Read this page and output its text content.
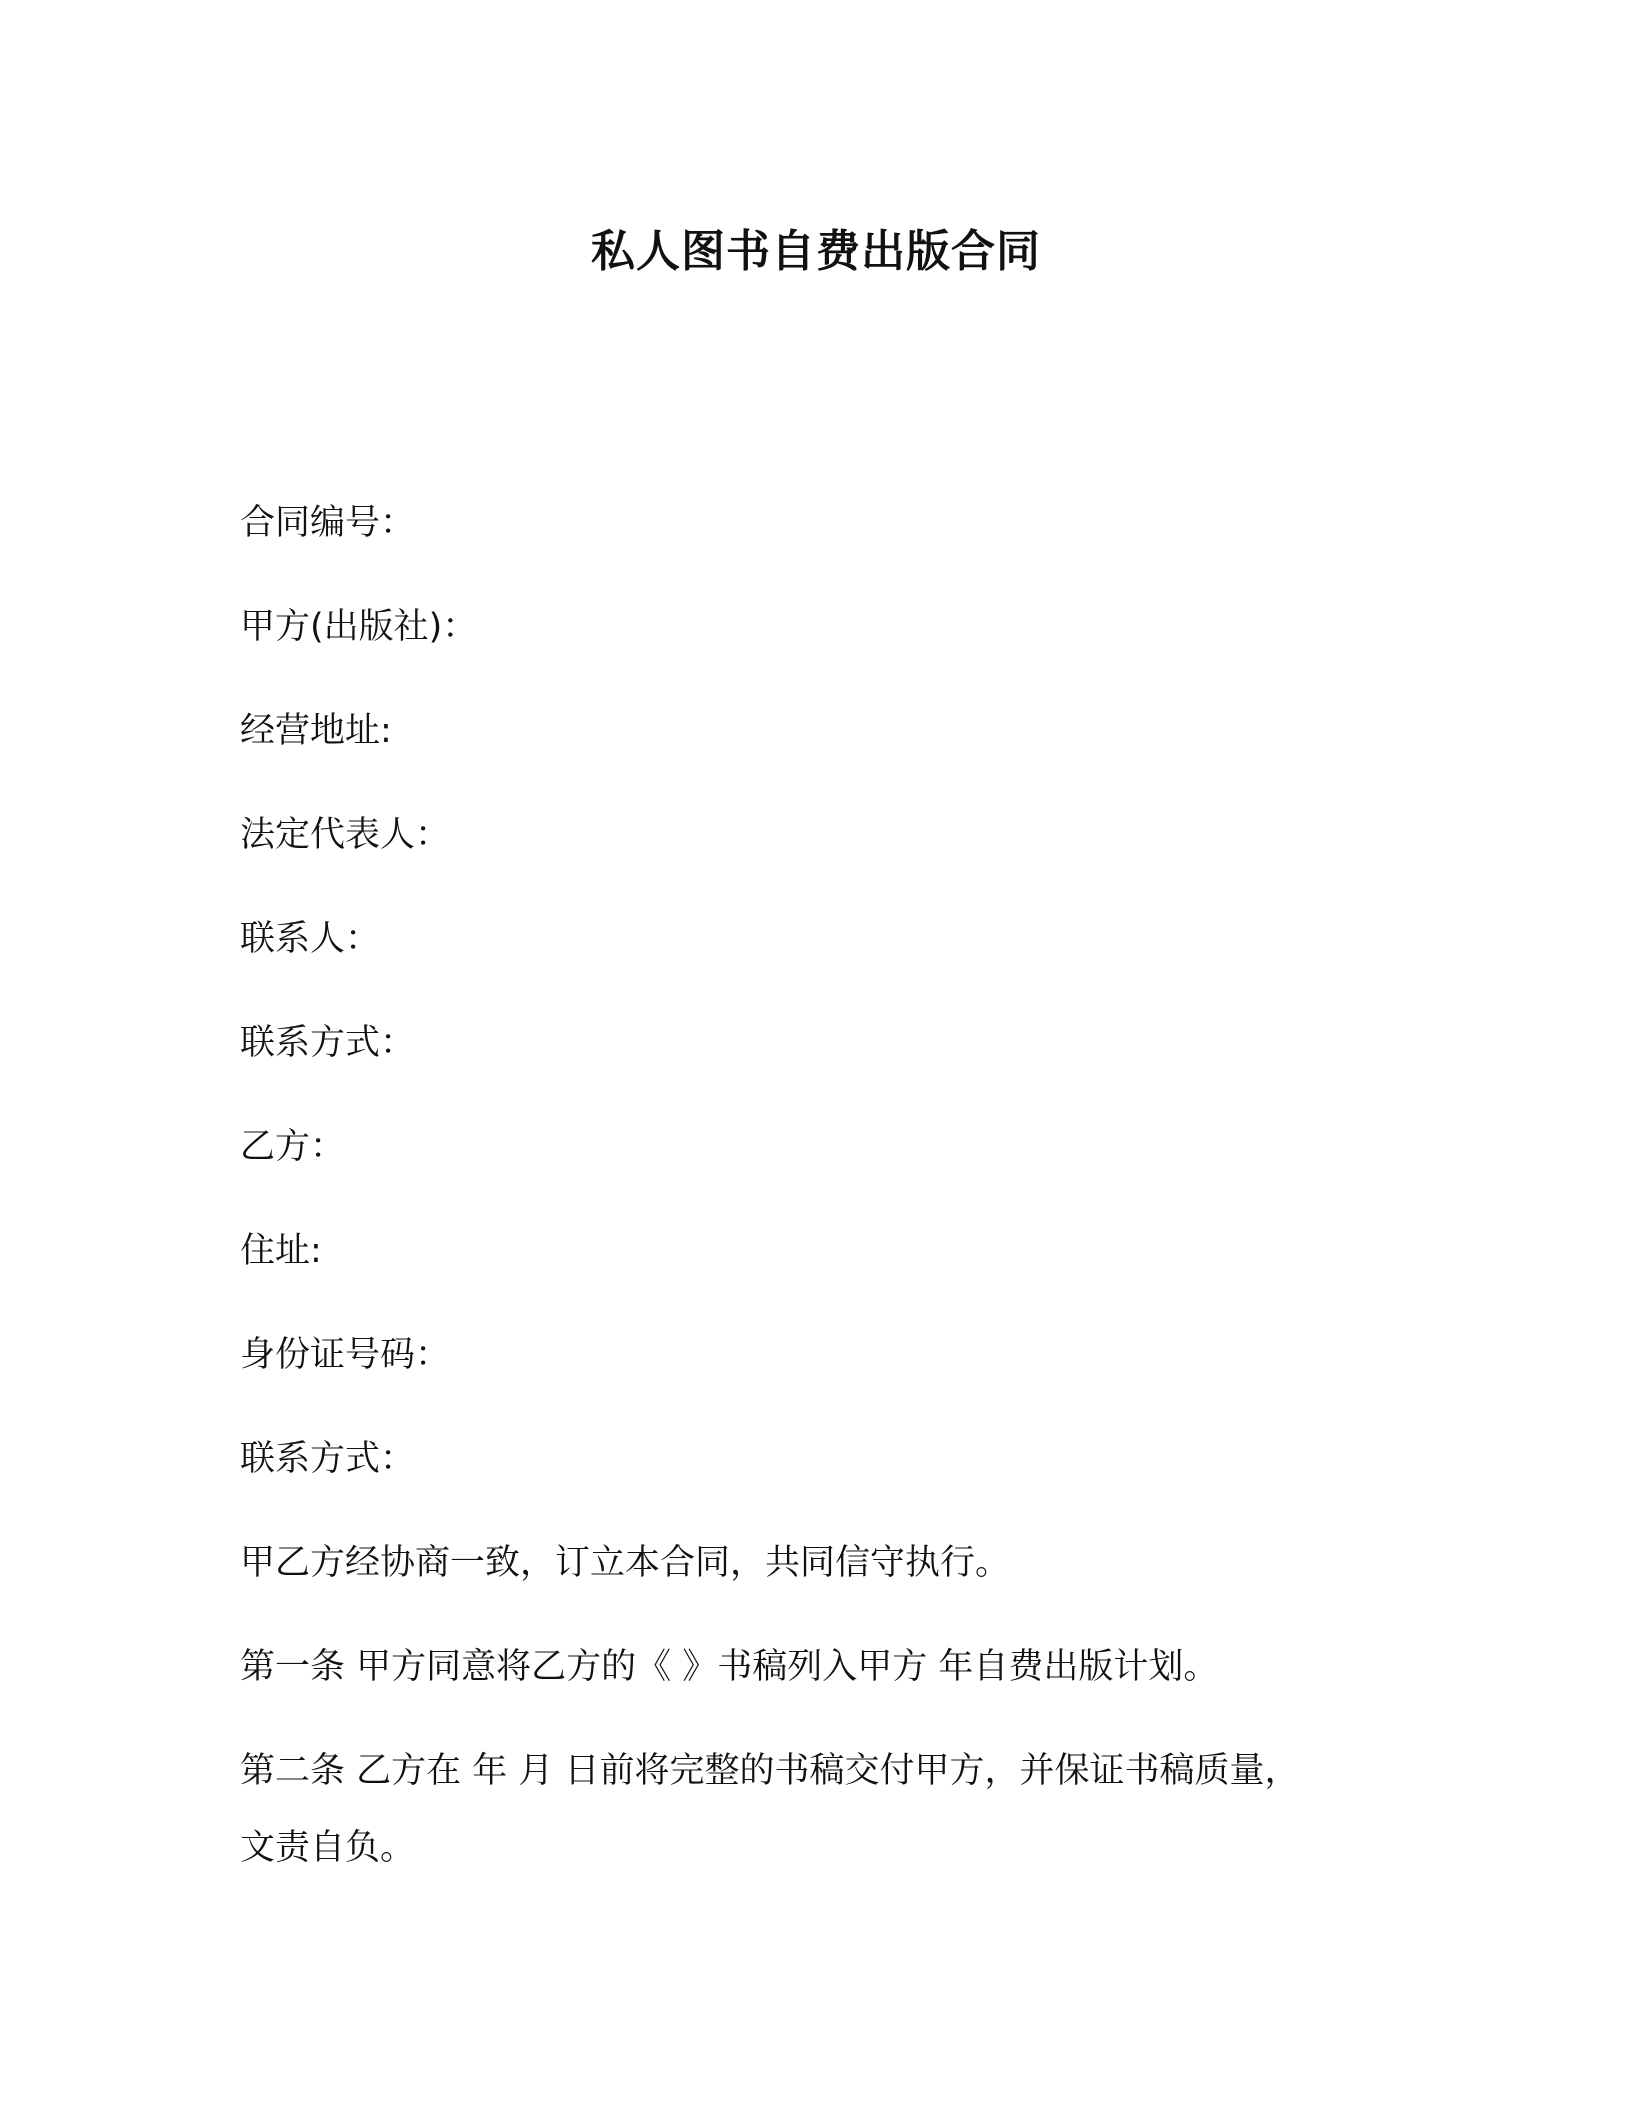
私人图书自费出版合同
合同编号：
甲方(出版社)：
经营地址:
法定代表人：
联系人：
联系方式：
乙方：
住址:
身份证号码：
联系方式：
甲乙方经协商一致，订立本合同，共同信守执行。
第一条 甲方同意将乙方的《 》书稿列入甲方 年自费出版计划。
第二条 乙方在 年 月 日前将完整的书稿交付甲方，并保证书稿质量，
文责自负。
